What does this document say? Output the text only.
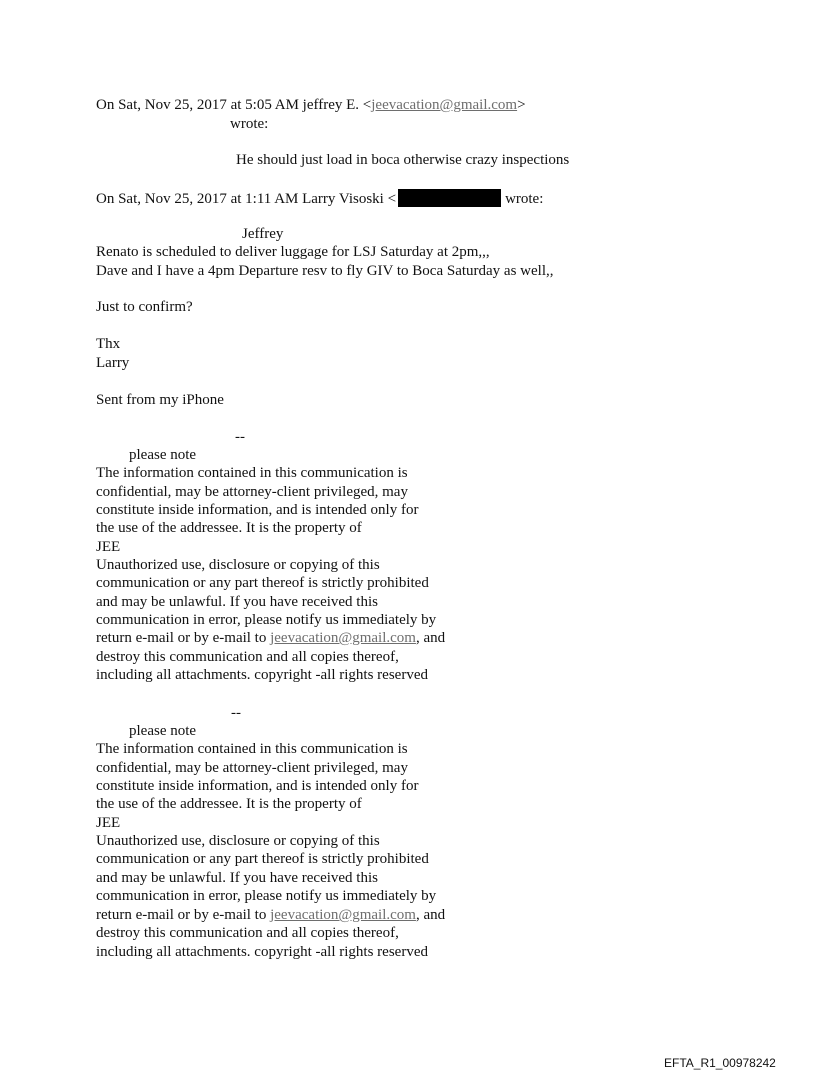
On Sat, Nov 25, 2017 at 5:05 AM jeffrey E. <jeevacation@gmail.com>
wrote:
He should just load in boca otherwise crazy inspections
On Sat, Nov 25, 2017 at 1:11 AM Larry Visoski <	wrote:
Jeffrey
Renato is scheduled to deliver luggage for LSJ Saturday at 2pm,,,
Dave and I have a 4pm Departure resv to fly GIV to Boca Saturday as well,,
Just to confirm?
Thx
Larry
Sent from my iPhone
--
please note
The information contained in this communication is
confidential, may be attorney-client privileged, may
constitute inside information, and is intended only for
the use of the addressee. It is the property of
JEE
Unauthorized use, disclosure or copying of this
communication or any part thereof is strictly prohibited
and may be unlawful. If you have received this
communication in error, please notify us immediately by
return e-mail or by e-mail to jeevacation@gmail.com, and
destroy this communication and all copies thereof,
including all attachments. copyright -all rights reserved
--
please note
The information contained in this communication is
confidential, may be attorney-client privileged, may
constitute inside information, and is intended only for
the use of the addressee. It is the property of
JEE
Unauthorized use, disclosure or copying of this
communication or any part thereof is strictly prohibited
and may be unlawful. If you have received this
communication in error, please notify us immediately by
return e-mail or by e-mail to jeevacation@gmail.com, and
destroy this communication and all copies thereof,
including all attachments. copyright -all rights reserved
EFTA_R1_00978242
